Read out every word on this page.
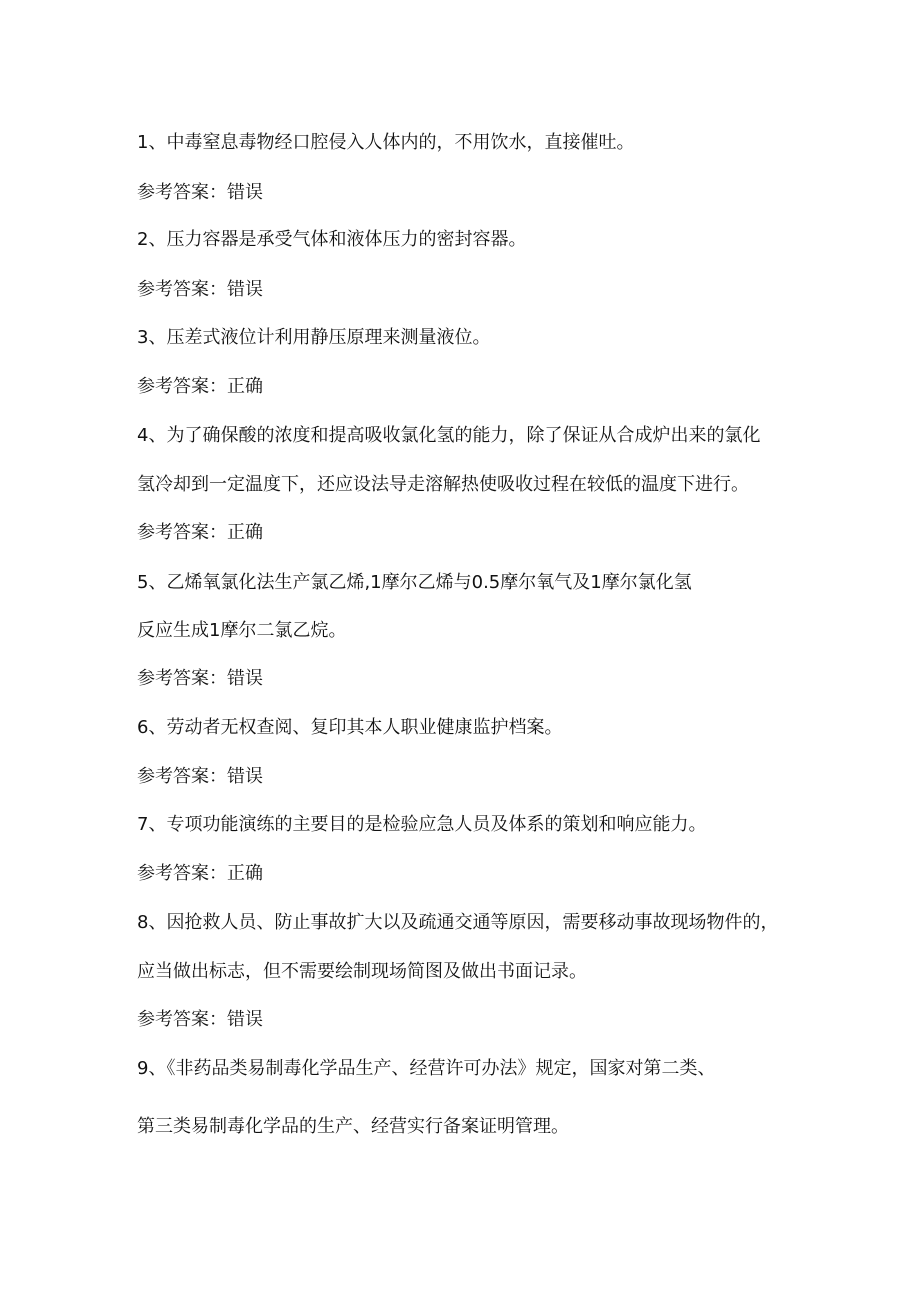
1、中毒窒息毒物经口腔侵入人体内的，不用饮水，直接催吐。
参考答案：错误
2、压力容器是承受气体和液体压力的密封容器。
参考答案：错误
3、压差式液位计利用静压原理来测量液位。
参考答案：正确
4、为了确保酸的浓度和提高吸收氯化氢的能力，除了保证从合成炉出来的氯化
氢冷却到一定温度下，还应设法导走溶解热使吸收过程在较低的温度下进行。
参考答案：正确
5、乙烯氧氯化法生产氯乙烯,1摩尔乙烯与0.5摩尔氧气及1摩尔氯化氢
反应生成1摩尔二氯乙烷。
参考答案：错误
6、劳动者无权查阅、复印其本人职业健康监护档案。
参考答案：错误
7、专项功能演练的主要目的是检验应急人员及体系的策划和响应能力。
参考答案：正确
8、因抢救人员、防止事故扩大以及疏通交通等原因，需要移动事故现场物件的，
应当做出标志，但不需要绘制现场简图及做出书面记录。
参考答案：错误
9、《非药品类易制毒化学品生产、经营许可办法》规定，国家对第二类、
第三类易制毒化学品的生产、经营实行备案证明管理。
